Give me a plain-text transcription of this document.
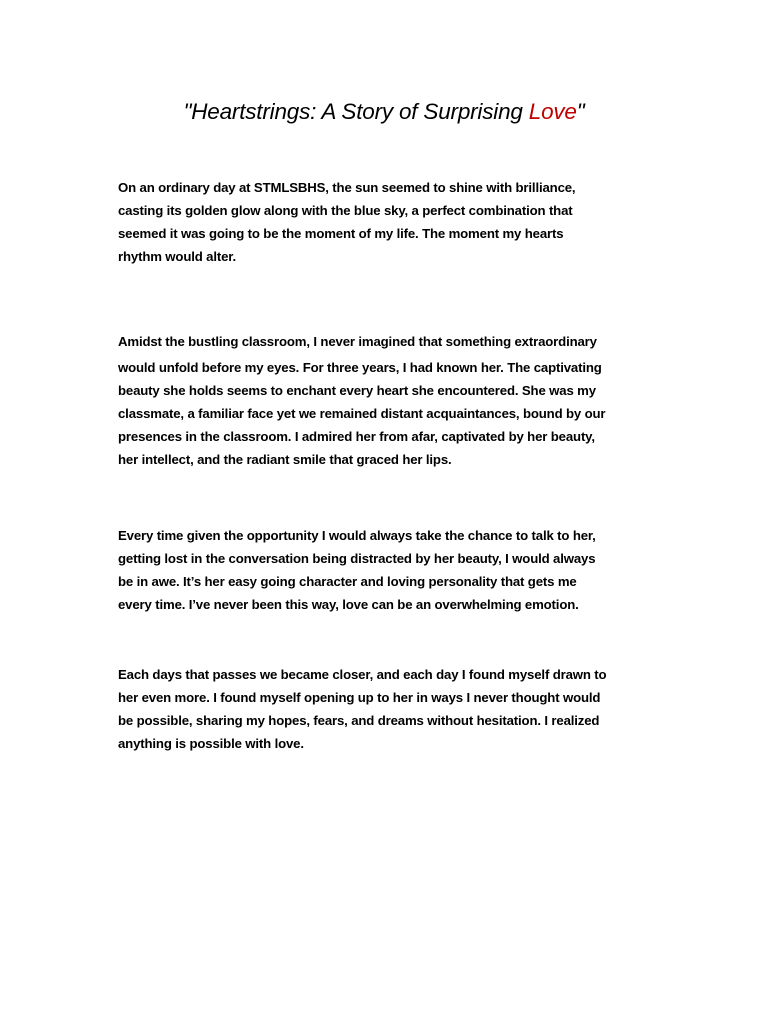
"Heartstrings: A Story of Surprising Love"

On an ordinary day at STMLSBHS, the sun seemed to shine with brilliance,
casting its golden glow along with the blue sky, a perfect combination that
seemed it was going to be the moment of my life. The moment my hearts
rhythm would alter.

Amidst the bustling classroom, I never imagined that something extraordinary
would unfold before my eyes. For three years, I had known her. The captivating
beauty she holds seems to enchant every heart she encountered. She was my
classmate, a familiar face yet we remained distant acquaintances, bound by our
presences in the classroom. I admired her from afar, captivated by her beauty,
her intellect, and the radiant smile that graced her lips.

Every time given the opportunity I would always take the chance to talk to her,
getting lost in the conversation being distracted by her beauty, I would always
be in awe. It’s her easy going character and loving personality that gets me
every time. I’ve never been this way, love can be an overwhelming emotion.

Each days that passes we became closer, and each day I found myself drawn to
her even more. I found myself opening up to her in ways I never thought would
be possible, sharing my hopes, fears, and dreams without hesitation. I realized
anything is possible with love.
